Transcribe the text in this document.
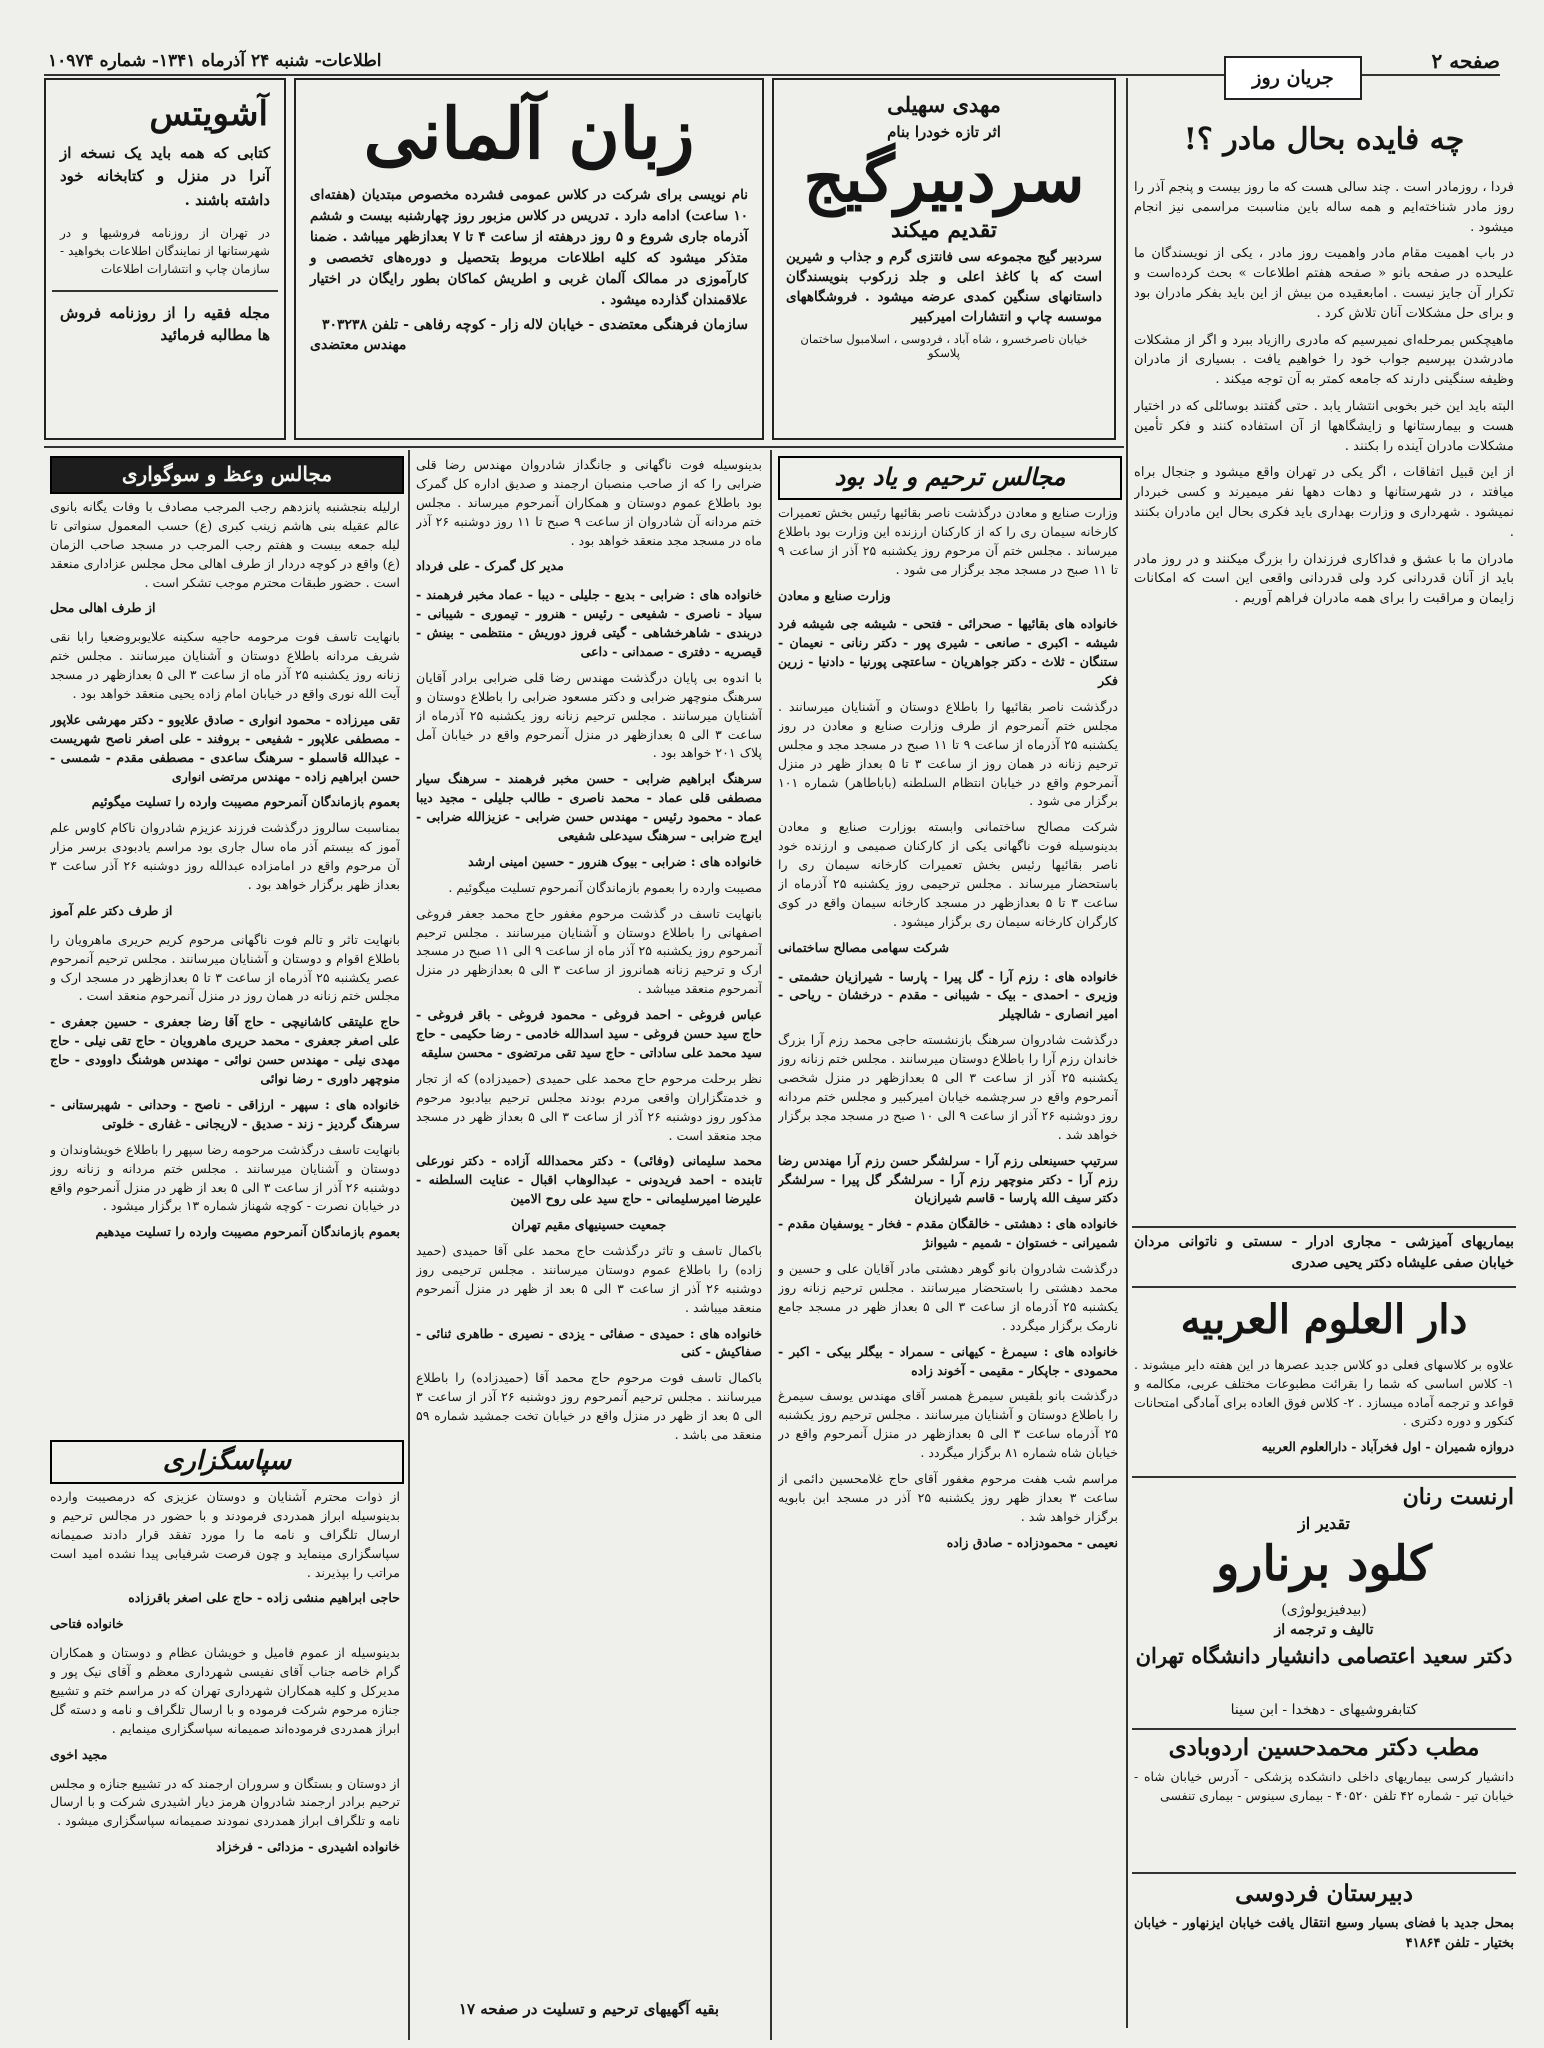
صفحه ۲
اطلاعات- شنبه ۲۴ آذرماه ۱۳۴۱- شماره ۱۰۹۷۴
جریان روز
چه فایده بحال مادر ؟!

فردا ، روزمادر است . چند سالی هست که ما روز بیست و پنجم آذر را روز مادر شناخته‌ایم و همه ساله باین مناسبت مراسمی نیز انجام میشود .

در باب اهمیت مقام مادر واهمیت روز مادر ، یکی از نویسندگان ما علیحده در صفحه بانو « صفحه هفتم اطلاعات » بحث کرده‌است و تکرار آن جایز نیست . امابعقیده من بیش از این باید بفکر مادران بود و برای حل مشکلات آنان تلاش کرد .

ماهیچکس بمرحله‌ای نمیرسیم که مادری راازیاد ببرد و اگر از مشکلات مادرشدن بپرسیم جواب خود را خواهیم یافت . بسیاری از مادران وظیفه سنگینی دارند که جامعه کمتر به آن توجه میکند .

البته باید این خبر بخوبی انتشار یابد . حتی گفتند بوسائلی که در اختیار هست و بیمارستانها و زایشگاهها از آن استفاده کنند و فکر تأمین مشکلات مادران آینده را بکنند .

از این قبیل اتفاقات ، اگر یکی در تهران واقع میشود و جنجال براه میافتد ، در شهرستانها و دهات دهها نفر میمیرند و کسی خبردار نمیشود . شهرداری و وزارت بهداری باید فکری بحال این مادران بکنند .

مادران ما با عشق و فداکاری فرزندان را بزرگ میکنند و در روز مادر باید از آنان قدردانی کرد ولی قدردانی واقعی این است که امکانات زایمان و مراقبت را برای همه مادران فراهم آوریم .

بیماریهای آمیزشی - مجاری ادرار - سستی و ناتوانی مردان خیابان صفی علیشاه دکتر یحیی صدری

دار العلوم العربیه

علاوه بر کلاسهای فعلی دو کلاس جدید عصرها در این هفته دایر میشوند . ۱- کلاس اساسی که شما را بقرائت مطبوعات مختلف عربی، مکالمه و قواعد و ترجمه آماده میسازد . ۲- کلاس فوق العاده برای آمادگی امتحانات کنکور و دوره دکتری .

دروازه شمیران - اول فخرآباد - دارالعلوم العربیه

ارنست رنان
تقدیر از
کلود برنارو
(بیدفیزیولوژی)
تالیف و ترجمه از
دکتر سعید اعتصامی دانشیار دانشگاه تهران
کتابفروشیهای - دهخدا - ابن سینا
مطب دکتر محمدحسین اردوبادی

دانشیار کرسی بیماریهای داخلی دانشکده پزشکی - آدرس خیابان شاه - خیابان تیر - شماره ۴۲ تلفن ۴۰۵۲۰ - بیماری سینوس - بیماری تنفسی

دبیرستان فردوسی

بمحل جدید با فضای بسیار وسیع انتقال یافت خیابان ایزنهاور - خیابان بختیار - تلفن ۴۱۸۶۴

مهدی سهیلی
اثر تازه خودرا بنام
سردبیرگیج
تقدیم میکند
سردبیر گیج مجموعه سی فانتزی گرم و جذاب و شیرین است که با کاغذ اعلی و جلد زرکوب بنویسندگان داستانهای سنگین کمدی عرضه میشود . فروشگاههای موسسه چاپ و انتشارات امیرکبیر
خیابان ناصرخسرو ، شاه آباد ، فردوسی ، اسلامبول ساختمان پلاسکو
زبان آلمانی
نام نویسی برای شرکت در کلاس عمومی فشرده مخصوص مبتدیان (هفته‌ای ۱۰ ساعت) ادامه دارد . تدریس در کلاس مزبور روز چهارشنبه بیست و ششم آذرماه جاری شروع و ۵ روز درهفته از ساعت ۴ تا ۷ بعدازظهر میباشد . ضمنا متذکر میشود که کلیه اطلاعات مربوط بتحصیل و دوره‌های تخصصی و کارآموزی در ممالک آلمان غربی و اطریش کماکان بطور رایگان در اختیار علاقمندان گذارده میشود .
سازمان فرهنگی معتضدی - خیابان لاله زار - کوچه رفاهی - تلفن ۳۰۳۲۳۸
مهندس معتضدی
آشویتس
کتابی که همه باید یک نسخه از آنرا در منزل و کتابخانه خود داشته باشند .
در تهران از روزنامه فروشیها و در شهرستانها از نمایندگان اطلاعات بخواهید - سازمان چاپ و انتشارات اطلاعات
مجله فقیه را از روزنامه فروش ها مطالبه فرمائید
مجالس ترحیم و یاد بود

وزارت صنایع و معادن درگذشت ناصر بقائیها رئیس بخش تعمیرات کارخانه سیمان ری را که از کارکنان ارزنده این وزارت بود باطلاع میرساند . مجلس ختم آن مرحوم روز یکشنبه ۲۵ آذر از ساعت ۹ تا ۱۱ صبح در مسجد مجد برگزار می شود .

وزارت صنایع و معادن

خانواده های بقائیها - صحرائی - فتحی - شیشه جی شیشه فرد شیشه - اکبری - صانعی - شیری پور - دکتر رنانی - نعیمان - ستنگان - ثلاث - دکتر جواهریان - ساعتچی پورنیا - دادنیا - زرین فکر

درگذشت ناصر بقائیها را باطلاع دوستان و آشنایان میرسانند . مجلس ختم آنمرحوم از طرف وزارت صنایع و معادن در روز یکشنبه ۲۵ آذرماه از ساعت ۹ تا ۱۱ صبح در مسجد مجد و مجلس ترحیم زنانه در همان روز از ساعت ۳ تا ۵ بعداز ظهر در منزل آنمرحوم واقع در خیابان انتظام السلطنه (باباطاهر) شماره ۱۰۱ برگزار می شود .

شرکت مصالح ساختمانی وابسته بوزارت صنایع و معادن بدینوسیله فوت ناگهانی یکی از کارکنان صمیمی و ارزنده خود ناصر بقائیها رئیس بخش تعمیرات کارخانه سیمان ری را باستحضار میرساند . مجلس ترحیمی روز یکشنبه ۲۵ آذرماه از ساعت ۳ تا ۵ بعدازظهر در مسجد کارخانه سیمان واقع در کوی کارگران کارخانه سیمان ری برگزار میشود .

شرکت سهامی مصالح ساختمانی

خانواده های : رزم آرا - گل پیرا - پارسا - شیرازیان حشمتی - وزیری - احمدی - بیک - شیبانی - مقدم - درخشان - ریاحی - امیر انصاری - شالچیلر

درگذشت شادروان سرهنگ بازنشسته حاجی محمد رزم آرا بزرگ خاندان رزم آرا را باطلاع دوستان میرسانند . مجلس ختم زنانه روز یکشنبه ۲۵ آذر از ساعت ۳ الی ۵ بعدازظهر در منزل شخصی آنمرحوم واقع در سرچشمه خیابان امیرکبیر و مجلس ختم مردانه روز دوشنبه ۲۶ آذر از ساعت ۹ الی ۱۰ صبح در مسجد مجد برگزار خواهد شد .

سرتیپ حسینعلی رزم آرا - سرلشگر حسن رزم آرا مهندس رضا رزم آرا - دکتر منوچهر رزم آرا - سرلشگر گل پیرا - سرلشگر دکتر سیف الله پارسا - قاسم شیرازیان

خانواده های : دهشتی - خالقگان مقدم - فخار - یوسفیان مقدم - شمیرانی - خستوان - شمیم - شیوانژ

درگذشت شادروان بانو گوهر دهشتی مادر آقایان علی و حسین و محمد دهشتی را باستحضار میرسانند . مجلس ترحیم زنانه روز یکشنبه ۲۵ آذرماه از ساعت ۳ الی ۵ بعداز ظهر در مسجد جامع نارمک برگزار میگردد .

خانواده های : سیمرغ - کیهانی - سمراد - بیگلر بیکی - اکبر - محمودی - جاپکار - مقیمی - آخوند زاده

درگذشت بانو بلقیس سیمرغ همسر آقای مهندس یوسف سیمرغ را باطلاع دوستان و آشنایان میرسانند . مجلس ترحیم روز یکشنبه ۲۵ آذرماه ساعت ۳ الی ۵ بعدازظهر در منزل آنمرحوم واقع در خیابان شاه شماره ۸۱ برگزار میگردد .

مراسم شب هفت مرحوم مغفور آقای حاج غلامحسین دائمی از ساعت ۳ بعداز ظهر روز یکشنبه ۲۵ آذر در مسجد ابن بابویه برگزار خواهد شد .

نعیمی - محمودزاده - صادق زاده

بدینوسیله فوت ناگهانی و جانگداز شادروان مهندس رضا قلی ضرابی را که از صاحب منصبان ارجمند و صدیق اداره کل گمرک بود باطلاع عموم دوستان و همکاران آنمرحوم میرساند . مجلس ختم مردانه آن شادروان از ساعت ۹ صبح تا ۱۱ روز دوشنبه ۲۶ آذر ماه در مسجد مجد منعقد خواهد بود .

مدیر کل گمرک - علی فرداد

خانواده های : ضرابی - بدیع - جلیلی - دیبا - عماد مخبر فرهمند - سیاد - ناصری - شفیعی - رئیس - هنرور - تیموری - شیبانی - دربندی - شاهرخشاهی - گیتی فروز دوریش - منتظمی - بینش - قیصریه - دفتری - صمدانی - داعی

با اندوه بی پایان درگذشت مهندس رضا قلی ضرابی برادر آقایان سرهنگ منوچهر ضرابی و دکتر مسعود ضرابی را باطلاع دوستان و آشنایان میرسانند . مجلس ترحیم زنانه روز یکشنبه ۲۵ آذرماه از ساعت ۳ الی ۵ بعدازظهر در منزل آنمرحوم واقع در خیابان آمل پلاک ۲۰۱ خواهد بود .

سرهنگ ابراهیم ضرابی - حسن مخبر فرهمند - سرهنگ سیار مصطفی قلی عماد - محمد ناصری - طالب جلیلی - مجید دیبا عماد - محمود رئیس - مهندس حسن ضرابی - عزیزالله ضرابی - ایرج ضرابی - سرهنگ سیدعلی شفیعی

خانواده های : ضرابی - بیوک هنرور - حسین امینی ارشد

مصیبت وارده را بعموم بازماندگان آنمرحوم تسلیت میگوئیم .

بانهایت تاسف در گذشت مرحوم مغفور حاج محمد جعفر فروغی اصفهانی را باطلاع دوستان و آشنایان میرسانند . مجلس ترحیم آنمرحوم روز یکشنبه ۲۵ آذر ماه از ساعت ۹ الی ۱۱ صبح در مسجد ارک و ترحیم زنانه همانروز از ساعت ۳ الی ۵ بعدازظهر در منزل آنمرحوم منعقد میباشد .

عباس فروغی - احمد فروغی - محمود فروغی - باقر فروغی - حاج سید حسن فروغی - سید اسدالله خادمی - رضا حکیمی - حاج سید محمد علی ساداتی - حاج سید تقی مرتضوی - محسن سلیقه

نظر برحلت مرحوم حاج محمد علی حمیدی (حمیدزاده) که از تجار و خدمتگزاران واقعی مردم بودند مجلس ترحیم بیادبود مرحوم مذکور روز دوشنبه ۲۶ آذر از ساعت ۳ الی ۵ بعداز ظهر در مسجد مجد منعقد است .

محمد سلیمانی (وفائی) - دکتر محمدالله آزاده - دکتر نورعلی تابنده - احمد فریدونی - عبدالوهاب اقبال - عنایت السلطنه - علیرضا امیرسلیمانی - حاج سید علی روح الامین

جمعیت حسینیهای مقیم تهران

باکمال تاسف و تاثر درگذشت حاج محمد علی آقا حمیدی (حمید زاده) را باطلاع عموم دوستان میرسانند . مجلس ترحیمی روز دوشنبه ۲۶ آذر از ساعت ۳ الی ۵ بعد از ظهر در منزل آنمرحوم منعقد میباشد .

خانواده های : حمیدی - صفائی - یزدی - نصیری - طاهری ثنائی - صفاکیش - کنی

باکمال تاسف فوت مرحوم حاج محمد آقا (حمیدزاده) را باطلاع میرسانند . مجلس ترحیم آنمرحوم روز دوشنبه ۲۶ آذر از ساعت ۳ الی ۵ بعد از ظهر در منزل واقع در خیابان تخت جمشید شماره ۵۹ منعقد می باشد .

بقیه آگهیهای ترحیم و تسلیت در صفحه ۱۷
مجالس وعظ و سوگواری

ارلیله بنجشنبه پانزدهم رجب المرجب مصادف با وفات یگانه بانوی عالم عقیله بنی هاشم زینب کبری (ع) حسب المعمول سنواتی تا لیله جمعه بیست و هفتم رجب المرجب در مسجد صاحب الزمان (ع) واقع در کوچه دردار از طرف اهالی محل مجلس عزاداری منعقد است . حضور طبقات محترم موجب تشکر است .

از طرف اهالی محل

بانهایت تاسف فوت مرحومه حاجیه سکینه علایوبروضعیا رابا نقی شریف مردانه باطلاع دوستان و آشنایان میرسانند . مجلس ختم زنانه روز یکشنبه ۲۵ آذر ماه از ساعت ۳ الی ۵ بعدازظهر در مسجد آیت الله نوری واقع در خیابان امام زاده یحیی منعقد خواهد بود .

تقی میرزاده - محمود انواری - صادق علایوو - دکتر مهرشی علاپور - مصطفی علاپور - شفیعی - بروفند - علی اصغر ناصح شهریست - عبدالله قاسملو - سرهنگ ساعدی - مصطفی مقدم - شمسی - حسن ابراهیم زاده - مهندس مرتضی انواری

بعموم بازماندگان آنمرحوم مصیبت وارده را تسلیت میگوئیم

بمناسبت سالروز درگذشت فرزند عزیزم شادروان ناکام کاوس علم آموز که بیستم آذر ماه سال جاری بود مراسم یادبودی برسر مزار آن مرحوم واقع در امامزاده عبدالله روز دوشنبه ۲۶ آذر ساعت ۳ بعداز ظهر برگزار خواهد بود .

از طرف دکتر علم آموز

بانهایت تاثر و تالم فوت ناگهانی مرحوم کریم حریری ماهرویان را باطلاع اقوام و دوستان و آشنایان میرسانند . مجلس ترحیم آنمرحوم عصر یکشنبه ۲۵ آذرماه از ساعت ۳ تا ۵ بعدازظهر در مسجد ارک و مجلس ختم زنانه در همان روز در منزل آنمرحوم منعقد است .

حاج علیتقی کاشانیچی - حاج آقا رضا جعفری - حسین جعفری - علی اصغر جعفری - محمد حریری ماهرویان - حاج تقی نیلی - حاج مهدی نیلی - مهندس حسن نوائی - مهندس هوشنگ داوودی - حاج منوچهر داوری - رضا نوائی

خانواده های : سپهر - ارزاقی - ناصح - وحدانی - شهبرستانی - سرهنگ گردیز - زند - صدیق - لاریجانی - غفاری - خلوتی

بانهایت تاسف درگذشت مرحومه رضا سپهر را باطلاع خویشاوندان و دوستان و آشنایان میرسانند . مجلس ختم مردانه و زنانه روز دوشنبه ۲۶ آذر از ساعت ۳ الی ۵ بعد از ظهر در منزل آنمرحوم واقع در خیابان نصرت - کوچه شهناز شماره ۱۳ برگزار میشود .

بعموم بازماندگان آنمرحوم مصیبت وارده را تسلیت میدهیم

سپاسگزاری

از ذوات محترم آشنایان و دوستان عزیزی که درمصیبت وارده بدینوسیله ابراز همدردی فرمودند و با حضور در مجالس ترحیم و ارسال تلگراف و نامه ما را مورد تفقد قرار دادند صمیمانه سپاسگزاری مینماید و چون فرصت شرفیابی پیدا نشده امید است مراتب را بپذیرند .

حاجی ابراهیم منشی زاده - حاج علی اصغر باقرزاده

خانواده فتاحی

بدینوسیله از عموم فامیل و خویشان عظام و دوستان و همکاران گرام خاصه جناب آقای نفیسی شهرداری معظم و آقای نیک پور و مدیرکل و کلیه همکاران شهرداری تهران که در مراسم ختم و تشییع جنازه مرحوم شرکت فرموده و با ارسال تلگراف و نامه و دسته گل ابراز همدردی فرموده‌اند صمیمانه سپاسگزاری مینمایم .

مجید اخوی

از دوستان و بستگان و سروران ارجمند که در تشییع جنازه و مجلس ترحیم برادر ارجمند شادروان هرمز دیار اشیدری شرکت و با ارسال نامه و تلگراف ابراز همدردی نمودند صمیمانه سپاسگزاری میشود .

خانواده اشیدری - مزدائی - فرخزاد
